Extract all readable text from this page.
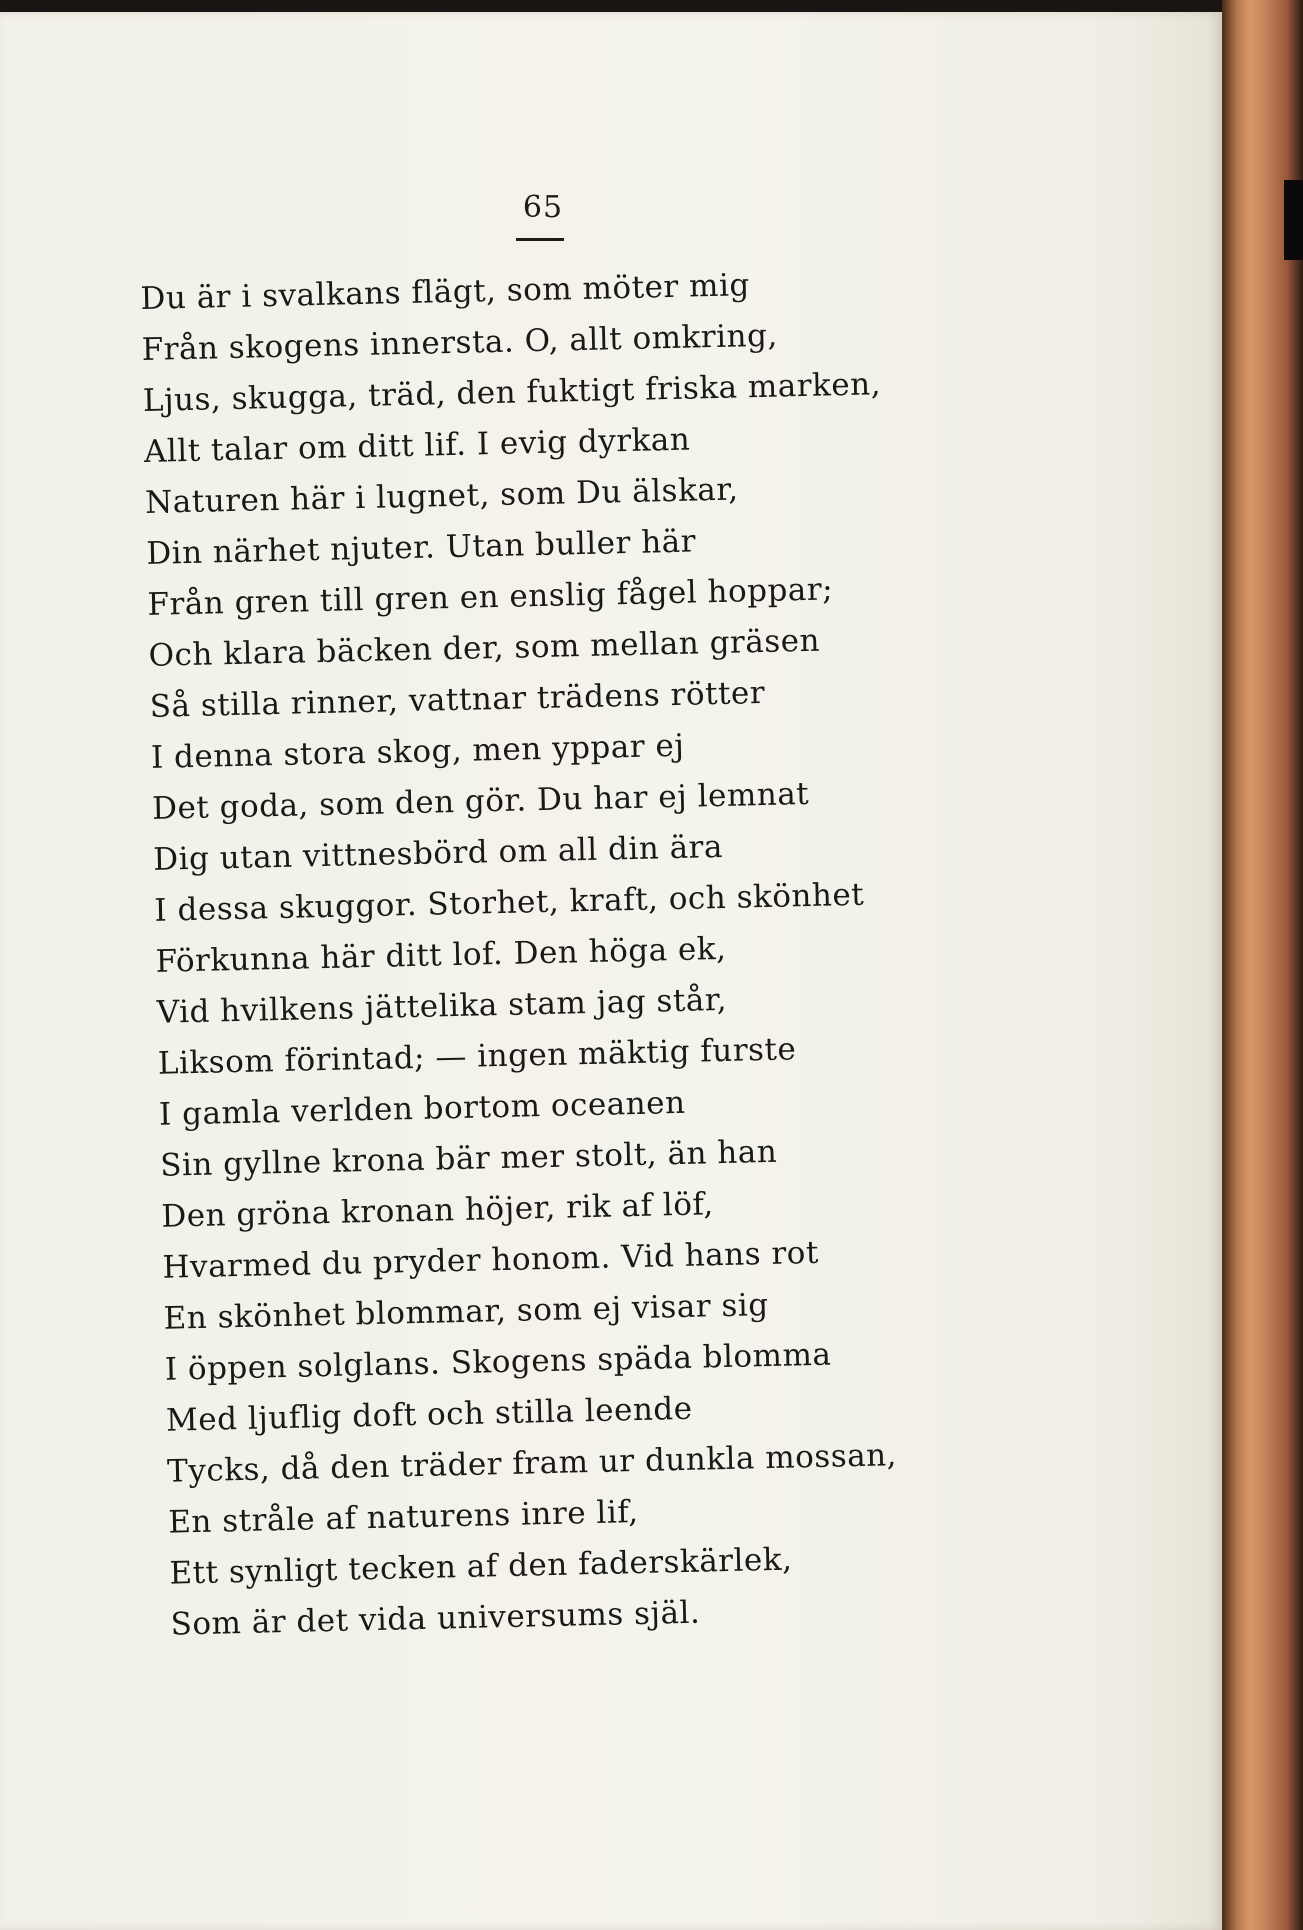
65
Du är i svalkans flägt, som möter mig
Från skogens innersta. O, allt omkring,
Ljus, skugga, träd, den fuktigt friska marken,
Allt talar om ditt lif. I evig dyrkan
Naturen här i lugnet, som Du älskar,
Din närhet njuter. Utan buller här
Från gren till gren en enslig fågel hoppar;
Och klara bäcken der, som mellan gräsen
Så stilla rinner, vattnar trädens rötter
I denna stora skog, men yppar ej
Det goda, som den gör. Du har ej lemnat
Dig utan vittnesbörd om all din ära
I dessa skuggor. Storhet, kraft, och skönhet
Förkunna här ditt lof. Den höga ek,
Vid hvilkens jättelika stam jag står,
Liksom förintad; — ingen mäktig furste
I gamla verlden bortom oceanen
Sin gyllne krona bär mer stolt, än han
Den gröna kronan höjer, rik af löf,
Hvarmed du pryder honom. Vid hans rot
En skönhet blommar, som ej visar sig
I öppen solglans. Skogens späda blomma
Med ljuflig doft och stilla leende
Tycks, då den träder fram ur dunkla mossan,
En stråle af naturens inre lif,
Ett synligt tecken af den faderskärlek,
Som är det vida universums själ.
